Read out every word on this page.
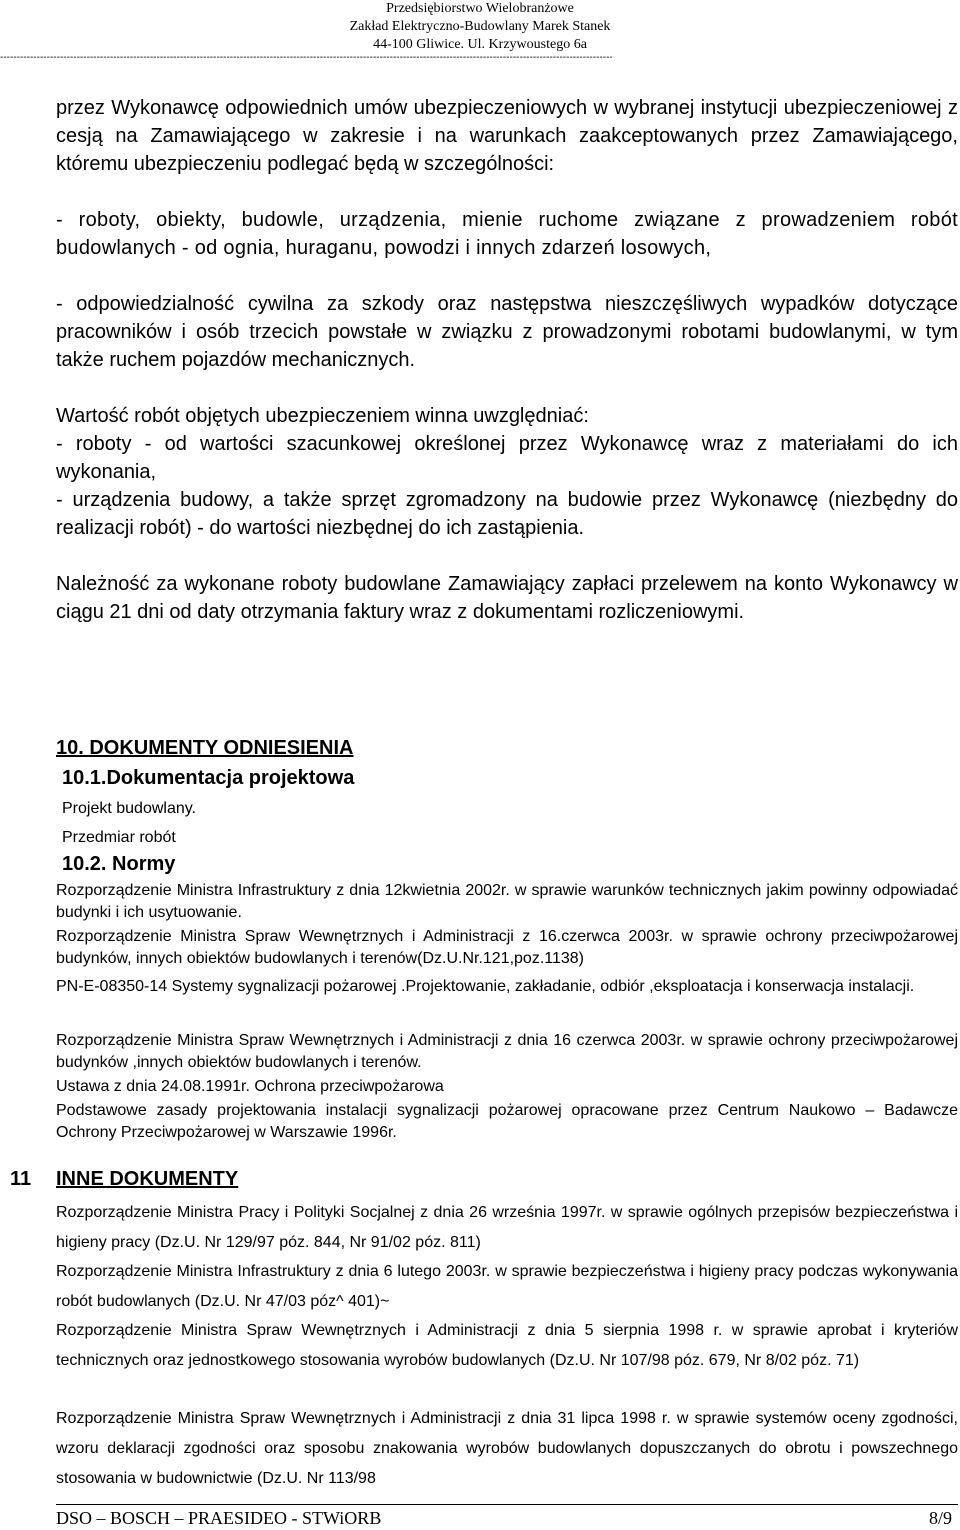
Przedsiębiorstwo Wielobranżowe
Zakład Elektryczno-Budowlany Marek Stanek
44-100 Gliwice. Ul. Krzywoustego 6a
----------------------------------------------------------------------------------------------------------------------------------------------------------------------------------------

przez Wykonawcę odpowiednich umów ubezpieczeniowych w wybranej instytucji ubezpieczeniowej z cesją na Zamawiającego w zakresie i na warunkach zaakceptowanych przez Zamawiającego, któremu ubezpieczeniu podlegać będą w szczególności:

- roboty, obiekty, budowle, urządzenia, mienie ruchome związane z prowadzeniem robót budowlanych - od ognia, huraganu, powodzi i innych zdarzeń losowych,

- odpowiedzialność cywilna za szkody oraz następstwa nieszczęśliwych wypadków dotyczące pracowników i osób trzecich powstałe w związku z prowadzonymi robotami budowlanymi, w tym także ruchem pojazdów mechanicznych.

Wartość robót objętych ubezpieczeniem winna uwzględniać:

- roboty - od wartości szacunkowej określonej przez Wykonawcę wraz z materiałami do ich wykonania,

- urządzenia budowy, a także sprzęt zgromadzony na budowie przez Wykonawcę (niezbędny do realizacji robót) - do wartości niezbędnej do ich zastąpienia.

Należność za wykonane roboty budowlane Zamawiający zapłaci przelewem na konto Wykonawcy w ciągu 21 dni od daty otrzymania faktury wraz z dokumentami rozliczeniowymi.

10. DOKUMENTY ODNIESIENIA
10.1.Dokumentacja projektowa
Projekt budowlany.
Przedmiar robót
10.2. Normy
Rozporządzenie Ministra Infrastruktury z dnia 12kwietnia 2002r. w sprawie warunków technicznych jakim powinny odpowiadać budynki i ich usytuowanie.
Rozporządzenie Ministra Spraw Wewnętrznych i Administracji z 16.czerwca 2003r. w sprawie ochrony przeciwpożarowej budynków, innych obiektów budowlanych i terenów(Dz.U.Nr.121,poz.1138)
PN-E-08350-14 Systemy sygnalizacji pożarowej .Projektowanie, zakładanie, odbiór ,eksploatacja i konserwacja instalacji.
Rozporządzenie Ministra Spraw Wewnętrznych i Administracji z dnia 16 czerwca 2003r. w sprawie ochrony przeciwpożarowej budynków ,innych obiektów budowlanych i terenów.
Ustawa z dnia 24.08.1991r. Ochrona przeciwpożarowa
Podstawowe zasady projektowania instalacji sygnalizacji pożarowej opracowane przez Centrum Naukowo – Badawcze Ochrony Przeciwpożarowej w Warszawie 1996r.
11 INNE DOKUMENTY
Rozporządzenie Ministra Pracy i Polityki Socjalnej z dnia 26 września 1997r. w sprawie ogólnych przepisów bezpieczeństwa i higieny pracy (Dz.U. Nr 129/97 póz. 844, Nr 91/02 póz. 811)
Rozporządzenie Ministra Infrastruktury z dnia 6 lutego 2003r. w sprawie bezpieczeństwa i higieny pracy podczas wykonywania robót budowlanych (Dz.U. Nr 47/03 póz^ 401)~
Rozporządzenie Ministra Spraw Wewnętrznych i Administracji z dnia 5 sierpnia 1998 r. w sprawie aprobat i kryteriów technicznych oraz jednostkowego stosowania wyrobów budowlanych (Dz.U. Nr 107/98 póz. 679, Nr 8/02 póz. 71)
Rozporządzenie Ministra Spraw Wewnętrznych i Administracji z dnia 31 lipca 1998 r. w sprawie systemów oceny zgodności, wzoru deklaracji zgodności oraz sposobu znakowania wyrobów budowlanych dopuszczanych do obrotu i powszechnego stosowania w budownictwie (Dz.U. Nr 113/98
DSO – BOSCH – PRAESIDEO - STWiORB	8/9
